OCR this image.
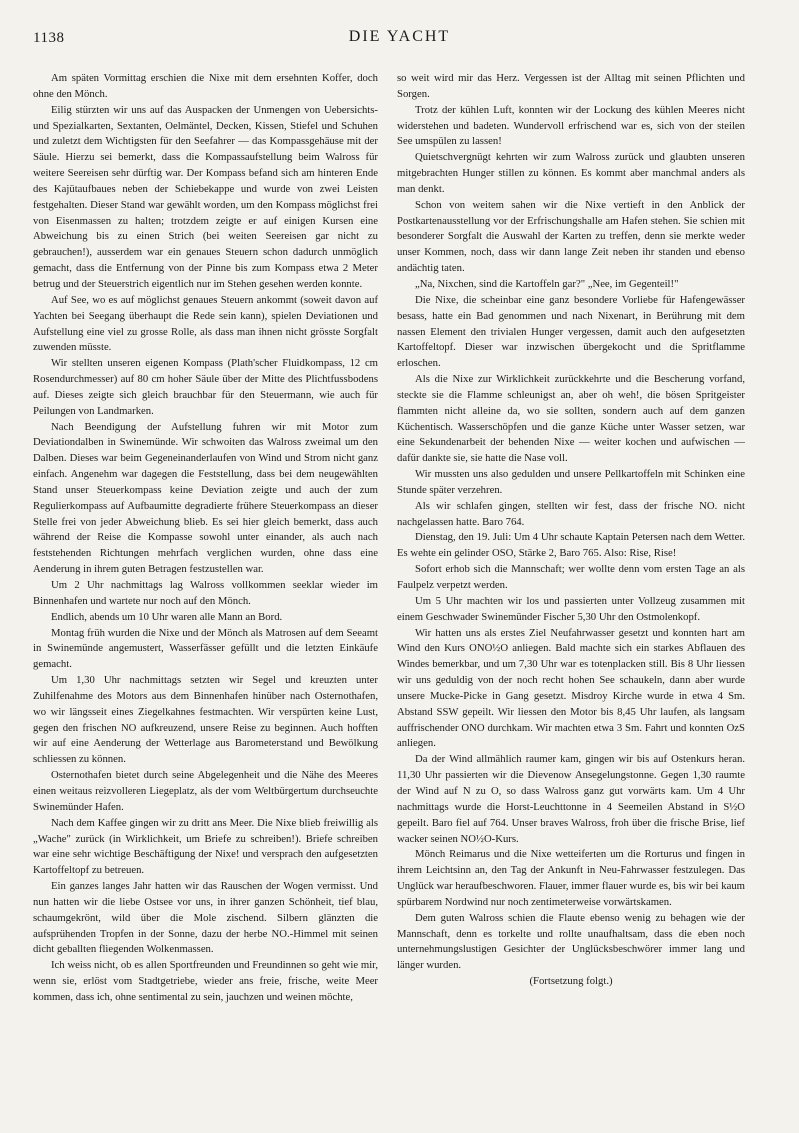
1138	DIE YACHT

Am späten Vormittag erschien die Nixe mit dem ersehnten Koffer, doch ohne den Mönch.

Eilig stürzten wir uns auf das Auspacken der Unmengen von Uebersichts- und Spezialkarten, Sextanten, Oelmäntel, Decken, Kissen, Stiefel und Schuhen und zuletzt dem Wichtigsten für den Seefahrer — das Kompassgehäuse mit der Säule. Hierzu sei bemerkt, dass die Kompassaufstellung beim Walross für weitere Seereisen sehr dürftig war. Der Kompass befand sich am hinteren Ende des Kajütaufbaues neben der Schiebekappe und wurde von zwei Leisten festgehalten. Dieser Stand war gewählt worden, um den Kompass möglichst frei von Eisenmassen zu halten; trotzdem zeigte er auf einigen Kursen eine Abweichung bis zu einen Strich (bei weiten Seereisen gar nicht zu gebrauchen!), ausserdem war ein genaues Steuern schon dadurch unmöglich gemacht, dass die Entfernung von der Pinne bis zum Kompass etwa 2 Meter betrug und der Steuerstrich eigentlich nur im Stehen gesehen werden konnte.

Auf See, wo es auf möglichst genaues Steuern ankommt (soweit davon auf Yachten bei Seegang überhaupt die Rede sein kann), spielen Deviationen und Aufstellung eine viel zu grosse Rolle, als dass man ihnen nicht grösste Sorgfalt zuwenden müsste.

Wir stellten unseren eigenen Kompass (Plath'scher Fluidkompass, 12 cm Rosendurchmesser) auf 80 cm hoher Säule über der Mitte des Plichtfussbodens auf. Dieses zeigte sich gleich brauchbar für den Steuermann, wie auch für Peilungen von Landmarken.

Nach Beendigung der Aufstellung fuhren wir mit Motor zum Deviationdalben in Swinemünde. Wir schwoiten das Walross zweimal um den Dalben. Dieses war beim Gegeneinanderlaufen von Wind und Strom nicht ganz einfach. Angenehm war dagegen die Feststellung, dass bei dem neugewählten Stand unser Steuerkompass keine Deviation zeigte und auch der zum Regulierkompass auf Aufbaumitte degradierte frühere Steuerkompass an dieser Stelle frei von jeder Abweichung blieb. Es sei hier gleich bemerkt, dass auch während der Reise die Kompasse sowohl unter einander, als auch nach feststehenden Richtungen mehrfach verglichen wurden, ohne dass eine Aenderung in ihrem guten Betragen festzustellen war.

Um 2 Uhr nachmittags lag Walross vollkommen seeklar wieder im Binnenhafen und wartete nur noch auf den Mönch.

Endlich, abends um 10 Uhr waren alle Mann an Bord.

Montag früh wurden die Nixe und der Mönch als Matrosen auf dem Seeamt in Swinemünde angemustert, Wasserfässer gefüllt und die letzten Einkäufe gemacht.

Um 1,30 Uhr nachmittags setzten wir Segel und kreuzten unter Zuhilfenahme des Motors aus dem Binnenhafen hinüber nach Osternothafen, wo wir längsseit eines Ziegelkahnes festmachten. Wir verspürten keine Lust, gegen den frischen NO aufkreuzend, unsere Reise zu beginnen. Auch hofften wir auf eine Aenderung der Wetterlage aus Barometerstand und Bewölkung schliessen zu können.

Osternothafen bietet durch seine Abgelegenheit und die Nähe des Meeres einen weitaus reizvolleren Liegeplatz, als der vom Weltbürgertum durchseuchte Swinemünder Hafen.

Nach dem Kaffee gingen wir zu dritt ans Meer. Die Nixe blieb freiwillig als „Wache" zurück (in Wirklichkeit, um Briefe zu schreiben!). Briefe schreiben war eine sehr wichtige Beschäftigung der Nixe! und versprach den aufgesetzten Kartoffeltopf zu betreuen.

Ein ganzes langes Jahr hatten wir das Rauschen der Wogen vermisst. Und nun hatten wir die liebe Ostsee vor uns, in ihrer ganzen Schönheit, tief blau, schaumgekrönt, wild über die Mole zischend. Silbern glänzten die aufsprühenden Tropfen in der Sonne, dazu der herbe NO.-Himmel mit seinen dicht geballten fliegenden Wolkenmassen.

Ich weiss nicht, ob es allen Sportfreunden und Freundinnen so geht wie mir, wenn sie, erlöst vom Stadtgetriebe, wieder ans freie, frische, weite Meer kommen, dass ich, ohne sentimental zu sein, jauchzen und weinen möchte,

so weit wird mir das Herz. Vergessen ist der Alltag mit seinen Pflichten und Sorgen.

Trotz der kühlen Luft, konnten wir der Lockung des kühlen Meeres nicht widerstehen und badeten. Wundervoll erfrischend war es, sich von der steilen See umspülen zu lassen!

Quietschvergnügt kehrten wir zum Walross zurück und glaubten unseren mitgebrachten Hunger stillen zu können. Es kommt aber manchmal anders als man denkt.

Schon von weitem sahen wir die Nixe vertieft in den Anblick der Postkartenausstellung vor der Erfrischungshalle am Hafen stehen. Sie schien mit besonderer Sorgfalt die Auswahl der Karten zu treffen, denn sie merkte weder unser Kommen, noch, dass wir dann lange Zeit neben ihr standen und ebenso andächtig taten.

„Na, Nixchen, sind die Kartoffeln gar?" „Nee, im Gegenteil!"

Die Nixe, die scheinbar eine ganz besondere Vorliebe für Hafengewässer besass, hatte ein Bad genommen und nach Nixenart, in Berührung mit dem nassen Element den trivialen Hunger vergessen, damit auch den aufgesetzten Kartoffeltopf. Dieser war inzwischen übergekocht und die Spritflamme erloschen.

Als die Nixe zur Wirklichkeit zurückkehrte und die Bescherung vorfand, steckte sie die Flamme schleunigst an, aber oh weh!, die bösen Spritgeister flammten nicht alleine da, wo sie sollten, sondern auch auf dem ganzen Küchentisch. Wasserschöpfen und die ganze Küche unter Wasser setzen, war eine Sekundenarbeit der behenden Nixe — weiter kochen und aufwischen — dafür dankte sie, sie hatte die Nase voll.

Wir mussten uns also gedulden und unsere Pellkartoffeln mit Schinken eine Stunde später verzehren.

Als wir schlafen gingen, stellten wir fest, dass der frische NO. nicht nachgelassen hatte. Baro 764.

Dienstag, den 19. Juli: Um 4 Uhr schaute Kaptain Petersen nach dem Wetter. Es wehte ein gelinder OSO, Stärke 2, Baro 765. Also: Rise, Rise!

Sofort erhob sich die Mannschaft; wer wollte denn vom ersten Tage an als Faulpelz verpetzt werden.

Um 5 Uhr machten wir los und passierten unter Vollzeug zusammen mit einem Geschwader Swinemünder Fischer 5,30 Uhr den Ostmolenkopf.

Wir hatten uns als erstes Ziel Neufahrwasser gesetzt und konnten hart am Wind den Kurs ONO½O anliegen. Bald machte sich ein starkes Abflauen des Windes bemerkbar, und um 7,30 Uhr war es totenplacken still. Bis 8 Uhr liessen wir uns geduldig von der noch recht hohen See schaukeln, dann aber wurde unsere Mucke-Picke in Gang gesetzt. Misdroy Kirche wurde in etwa 4 Sm. Abstand SSW gepeilt. Wir liessen den Motor bis 8,45 Uhr laufen, als langsam auffrischender ONO durchkam. Wir machten etwa 3 Sm. Fahrt und konnten OzS anliegen.

Da der Wind allmählich raumer kam, gingen wir bis auf Ostenkurs heran. 11,30 Uhr passierten wir die Dievenow Ansegelungstonne. Gegen 1,30 raumte der Wind auf N zu O, so dass Walross ganz gut vorwärts kam. Um 4 Uhr nachmittags wurde die Horst-Leuchttonne in 4 Seemeilen Abstand in S½O gepeilt. Baro fiel auf 764. Unser braves Walross, froh über die frische Brise, lief wacker seinen NO½O-Kurs.

Mönch Reimarus und die Nixe wetteiferten um die Rorturus und fingen in ihrem Leichtsinn an, den Tag der Ankunft in Neu-Fahrwasser festzulegen. Das Unglück war heraufbeschworen. Flauer, immer flauer wurde es, bis wir bei kaum spürbarem Nordwind nur noch zentimeterweise vorwärtskamen.

Dem guten Walross schien die Flaute ebenso wenig zu behagen wie der Mannschaft, denn es torkelte und rollte unaufhaltsam, dass die eben noch unternehmungslustigen Gesichter der Unglücksbeschwörer immer lang und länger wurden.

(Fortsetzung folgt.)
